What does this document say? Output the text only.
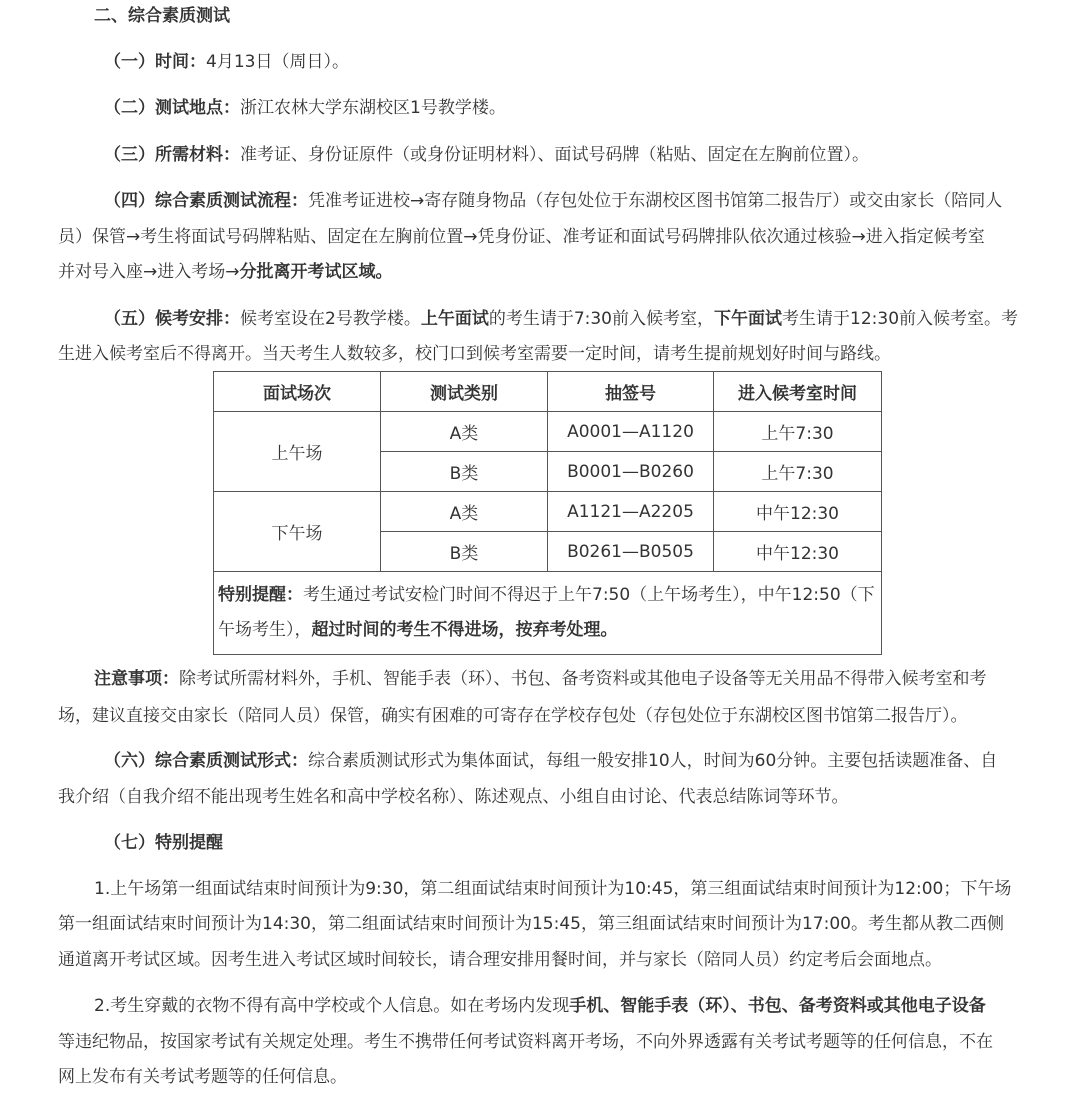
二、综合素质测试
（一）时间：4月13日（周日）。
（二）测试地点：浙江农林大学东湖校区1号教学楼。
（三）所需材料：准考证、身份证原件（或身份证明材料）、面试号码牌（粘贴、固定在左胸前位置）。
（四）综合素质测试流程：凭准考证进校→寄存随身物品（存包处位于东湖校区图书馆第二报告厅）或交由家长（陪同人
员）保管→考生将面试号码牌粘贴、固定在左胸前位置→凭身份证、准考证和面试号码牌排队依次通过核验→进入指定候考室
并对号入座→进入考场→分批离开考试区域。
（五）候考安排：候考室设在2号教学楼。上午面试的考生请于7:30前入候考室，下午面试考生请于12:30前入候考室。考
生进入候考室后不得离开。当天考生人数较多，校门口到候考室需要一定时间，请考生提前规划好时间与路线。
面试场次	测试类别	抽签号	进入候考室时间
上午场	A类	A0001—A1120	上午7:30
	B类	B0001—B0260	上午7:30
下午场	A类	A1121—A2205	中午12:30
	B类	B0261—B0505	中午12:30
特别提醒：考生通过考试安检门时间不得迟于上午7:50（上午场考生），中午12:50（下午场考生），超过时间的考生不得进场，按弃考处理。			
注意事项：除考试所需材料外，手机、智能手表（环）、书包、备考资料或其他电子设备等无关用品不得带入候考室和考
场，建议直接交由家长（陪同人员）保管，确实有困难的可寄存在学校存包处（存包处位于东湖校区图书馆第二报告厅）。
（六）综合素质测试形式：综合素质测试形式为集体面试，每组一般安排10人，时间为60分钟。主要包括读题准备、自
我介绍（自我介绍不能出现考生姓名和高中学校名称）、陈述观点、小组自由讨论、代表总结陈词等环节。
（七）特别提醒
1.上午场第一组面试结束时间预计为9:30，第二组面试结束时间预计为10:45，第三组面试结束时间预计为12:00；下午场
第一组面试结束时间预计为14:30，第二组面试结束时间预计为15:45，第三组面试结束时间预计为17:00。考生都从教二西侧
通道离开考试区域。因考生进入考试区域时间较长，请合理安排用餐时间，并与家长（陪同人员）约定考后会面地点。
2.考生穿戴的衣物不得有高中学校或个人信息。如在考场内发现手机、智能手表（环）、书包、备考资料或其他电子设备
等违纪物品，按国家考试有关规定处理。考生不携带任何考试资料离开考场，不向外界透露有关考试考题等的任何信息，不在
网上发布有关考试考题等的任何信息。
